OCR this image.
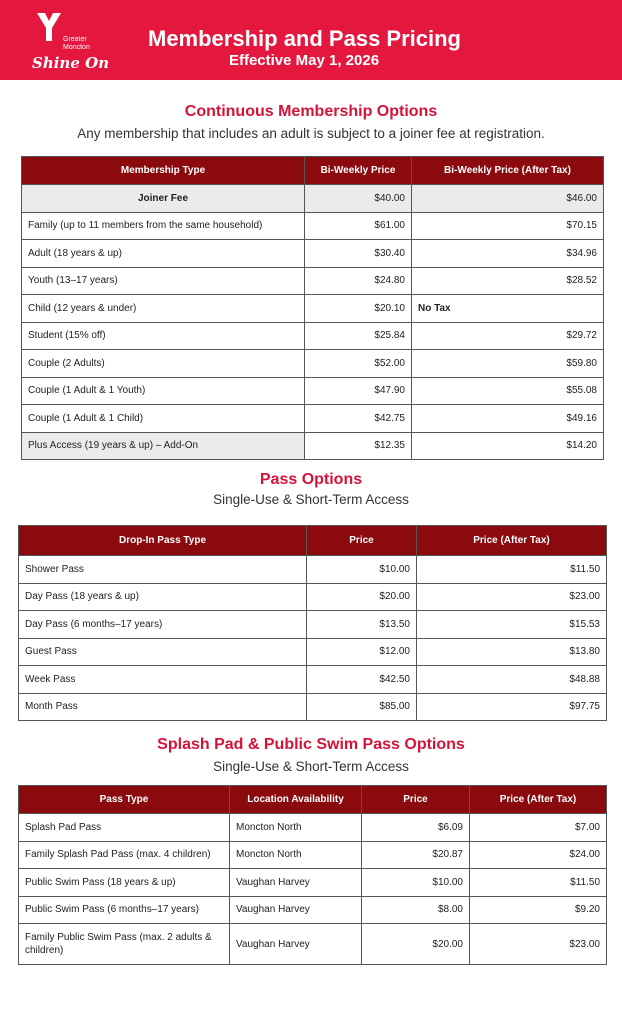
Greater
Moncton
Shine On
Membership and Pass Pricing
Effective May 1, 2026
Continuous Membership Options
Any membership that includes an adult is subject to a joiner fee at registration.
Membership Type	Bi-Weekly Price	Bi-Weekly Price (After Tax)
Joiner Fee	$40.00	$46.00
Family (up to 11 members from the same household)	$61.00	$70.15
Adult (18 years & up)	$30.40	$34.96
Youth (13–17 years)	$24.80	$28.52
Child (12 years & under)	$20.10	No Tax
Student (15% off)	$25.84	$29.72
Couple (2 Adults)	$52.00	$59.80
Couple (1 Adult & 1 Youth)	$47.90	$55.08
Couple (1 Adult & 1 Child)	$42.75	$49.16
Plus Access (19 years & up) – Add-On	$12.35	$14.20
Pass Options
Single-Use & Short-Term Access
Drop-In Pass Type	Price	Price (After Tax)
Shower Pass	$10.00	$11.50
Day Pass (18 years & up)	$20.00	$23.00
Day Pass (6 months–17 years)	$13.50	$15.53
Guest Pass	$12.00	$13.80
Week Pass	$42.50	$48.88
Month Pass	$85.00	$97.75
Splash Pad & Public Swim Pass Options
Single-Use & Short-Term Access
Pass Type	Location Availability	Price	Price (After Tax)
Splash Pad Pass	Moncton North	$6.09	$7.00
Family Splash Pad Pass (max. 4 children)	Moncton North	$20.87	$24.00
Public Swim Pass (18 years & up)	Vaughan Harvey	$10.00	$11.50
Public Swim Pass (6 months–17 years)	Vaughan Harvey	$8.00	$9.20
Family Public Swim Pass (max. 2 adults & children)	Vaughan Harvey	$20.00	$23.00
